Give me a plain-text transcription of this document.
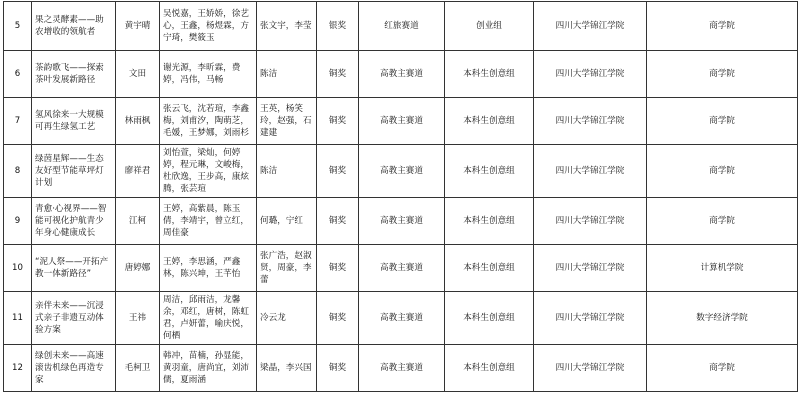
5	果之灵酵素——助农增收的领航者	黄宇晴	吴悦嘉，王娇娇，徐艺心，王鑫，杨煜霖，方宁琦，樊筱玉	张文宇，李莹	银奖	红旅赛道	创业组	四川大学锦江学院	商学院
6	茶韵歌飞——探索茶叶发展新路径	文田	谢光源，李昕霖，费婷，冯伟，马畅	陈洁	铜奖	高教主赛道	本科生创意组	四川大学锦江学院	商学院
7	氢风徐来一大规模可再生绿氢工艺	林雨枫	张云飞，沈若瑄，李鑫梅，刘甫汐，陶萌芝，毛媛，王梦娜，刘雨杉	王英，杨笑玲，赵强，石建建	铜奖	高教主赛道	本科生创意组	四川大学锦江学院	商学院
8	绿茵星辉——生态友好型节能草坪灯计划	廖祥君	刘怡萱，梁灿，何婷婷，程元琳，文峻梅，杜欣逸，王步高，康炫腾，张芸瑄	陈洁	铜奖	高教主赛道	本科生创意组	四川大学锦江学院	商学院
9	青愈·心视界——智能可视化护航青少年身心健康成长	江柯	王婷，高紫晨，陈玉倩，李靖宇，曾立红，周佳豪	何璐，宁红	铜奖	高教主赛道	本科生创意组	四川大学锦江学院	商学院
10	“泥人祭——开拓产教一体新路径”	唐婷娜	王婷，李思涵，严鑫林，陈兴坤，王芊怡	张广浩，赵淑贤，周豪，李蕾	铜奖	高教主赛道	本科生创意组	四川大学锦江学院	计算机学院
11	亲伴未来——沉浸式亲子非遗互动体验方案	王祎	周洁，邱雨洁，龙馨余，邓红，唐树，陈虹君，卢妍蕾，喻庆悦，何栖	冷云龙	铜奖	高教主赛道	本科生创意组	四川大学锦江学院	数字经济学院
12	绿创未来——高速滚齿机绿色再造专家	毛柯卫	韩冲，苗楠，孙显能，黄羽童，唐尚宜，刘沛儒，夏雨涵	梁晶，李兴国	铜奖	高教主赛道	本科生创意组	四川大学锦江学院	商学院
